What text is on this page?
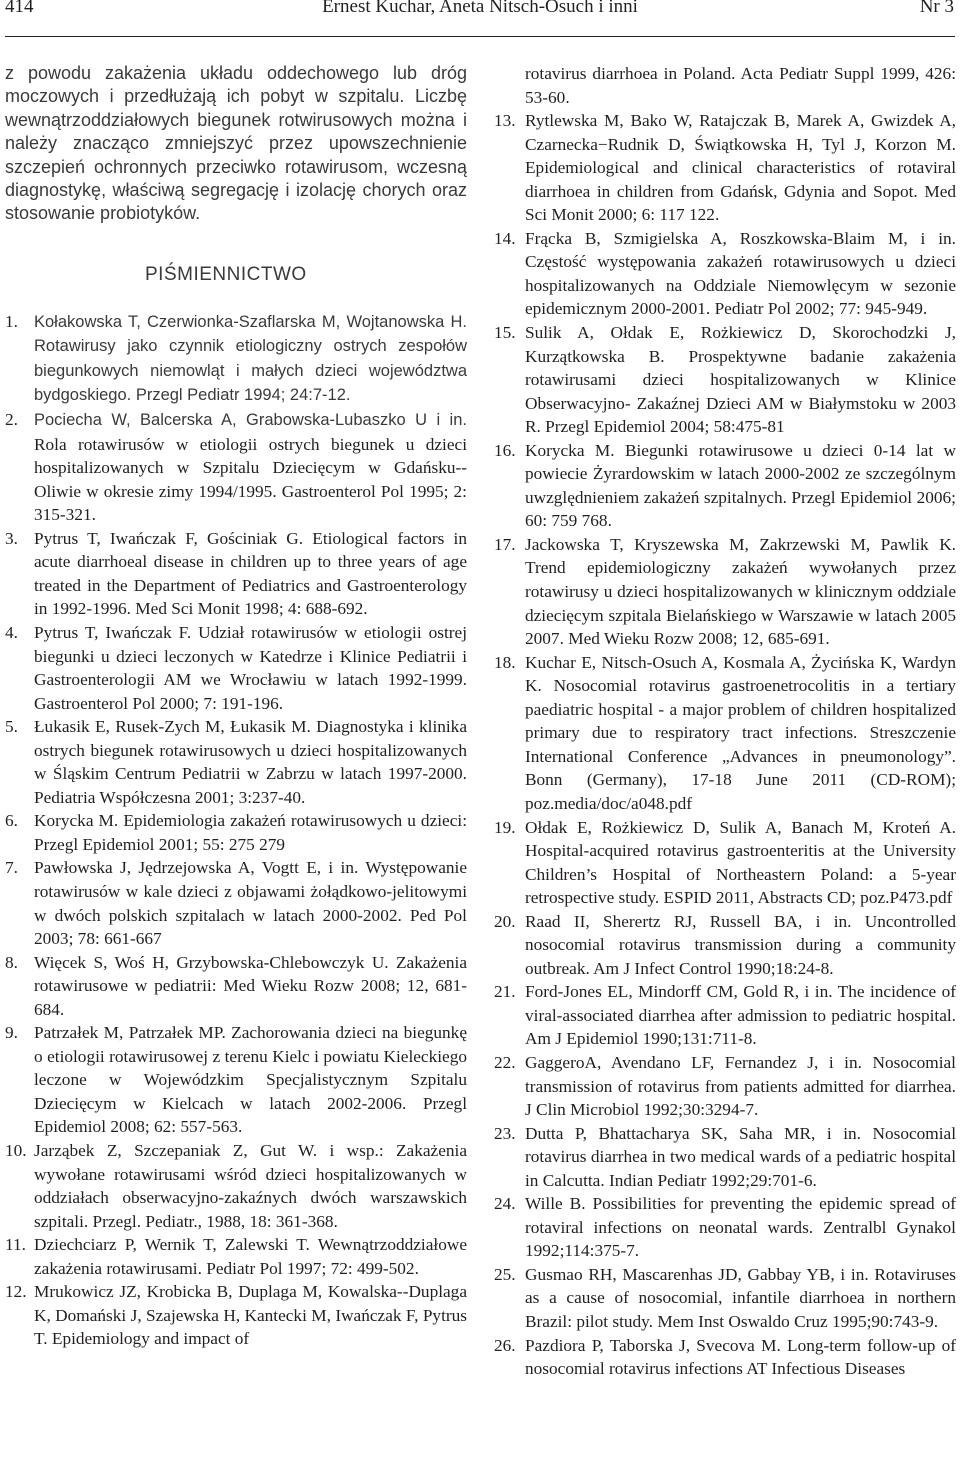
414	Ernest Kuchar, Aneta Nitsch-Osuch i inni	Nr 3

z powodu zakażenia układu oddechowego lub dróg moczowych i przedłużają ich pobyt w szpitalu. Liczbę wewnątrzoddziałowych biegunek rotwirusowych można i należy znacząco zmniejszyć przez upowszechnienie szczepień ochronnych przeciwko rotawirusom, wczesną diagnostykę, właściwą segregację i izolację chorych oraz stosowanie probiotyków.

PIŚMIENNICTWO
1. Kołakowska T, Czerwionka-Szaflarska M, Wojtanowska H. Rotawirusy jako czynnik etiologiczny ostrych zespołów biegunkowych niemowląt i małych dzieci województwa bydgoskiego. Przegl Pediatr 1994; 24:7-12.
2. Pociecha W, Balcerska A, Grabowska-Lubaszko U i in. Rola rotawirusów w etiologii ostrych biegunek u dzieci hospitalizowanych w Szpitalu Dziecięcym w Gdańsku--Oliwie w okresie zimy 1994/1995. Gastroenterol Pol 1995; 2: 315-321.
3. Pytrus T, Iwańczak F, Gościniak G. Etiological factors in acute diarrhoeal disease in children up to three years of age treated in the Department of Pediatrics and Gastroenterology in 1992-1996. Med Sci Monit 1998; 4: 688-692.
4. Pytrus T, Iwańczak F. Udział rotawirusów w etiologii ostrej biegunki u dzieci leczonych w Katedrze i Klinice Pediatrii i Gastroenterologii AM we Wrocławiu w latach 1992-1999. Gastroenterol Pol 2000; 7: 191-196.
5. Łukasik E, Rusek-Zych M, Łukasik M. Diagnostyka i klinika ostrych biegunek rotawirusowych u dzieci hospitalizowanych w Śląskim Centrum Pediatrii w Zabrzu w latach 1997-2000. Pediatria Współczesna 2001; 3:237-40.
6. Korycka M. Epidemiologia zakażeń rotawirusowych u dzieci: Przegl Epidemiol 2001; 55: 275 279
7. Pawłowska J, Jędrzejowska A, Vogtt E, i in. Występowanie rotawirusów w kale dzieci z objawami żołądkowo-jelitowymi w dwóch polskich szpitalach w latach 2000-2002. Ped Pol 2003; 78: 661-667
8. Więcek S, Woś H, Grzybowska-Chlebowczyk U. Zakażenia rotawirusowe w pediatrii: Med Wieku Rozw 2008; 12, 681-684.
9. Patrzałek M, Patrzałek MP. Zachorowania dzieci na biegunkę o etiologii rotawirusowej z terenu Kielc i powiatu Kieleckiego leczone w Wojewódzkim Specjalistycznym Szpitalu Dziecięcym w Kielcach w latach 2002-2006. Przegl Epidemiol 2008; 62: 557-563.
10. Jarząbek Z, Szczepaniak Z, Gut W. i wsp.: Zakażenia wywołane rotawirusami wśród dzieci hospitalizowanych w oddziałach obserwacyjno-zakaźnych dwóch warszawskich szpitali. Przegl. Pediatr., 1988, 18: 361-368.
11. Dziechciarz P, Wernik T, Zalewski T. Wewnątrzoddziałowe zakażenia rotawirusami. Pediatr Pol 1997; 72: 499-502.
12. Mrukowicz JZ, Krobicka B, Duplaga M, Kowalska--Duplaga K, Domański J, Szajewska H, Kantecki M, Iwańczak F, Pytrus T. Epidemiology and impact of
rotavirus diarrhoea in Poland. Acta Pediatr Suppl 1999, 426: 53-60.
13. Rytlewska M, Bako W, Ratajczak B, Marek A, Gwizdek A, Czarnecka−Rudnik D, Świątkowska H, Tyl J, Korzon M. Epidemiological and clinical characteristics of rotaviral diarrhoea in children from Gdańsk, Gdynia and Sopot. Med Sci Monit 2000; 6: 117 122.
14. Frącka B, Szmigielska A, Roszkowska-Blaim M, i in. Częstość występowania zakażeń rotawirusowych u dzieci hospitalizowanych na Oddziale Niemowlęcym w sezonie epidemicznym 2000-2001. Pediatr Pol 2002; 77: 945-949.
15. Sulik A, Ołdak E, Rożkiewicz D, Skorochodzki J, Kurzątkowska B. Prospektywne badanie zakażenia rotawirusami dzieci hospitalizowanych w Klinice Obserwacyjno- Zakaźnej Dzieci AM w Białymstoku w 2003 R. Przegl Epidemiol 2004; 58:475-81
16. Korycka M. Biegunki rotawirusowe u dzieci 0-14 lat w powiecie Żyrardowskim w latach 2000-2002 ze szczególnym uwzględnieniem zakażeń szpitalnych. Przegl Epidemiol 2006; 60: 759 768.
17. Jackowska T, Kryszewska M, Zakrzewski M, Pawlik K. Trend epidemiologiczny zakażeń wywołanych przez rotawirusy u dzieci hospitalizowanych w klinicznym oddziale dziecięcym szpitala Bielańskiego w Warszawie w latach 2005 2007. Med Wieku Rozw 2008; 12, 685-691.
18. Kuchar E, Nitsch-Osuch A, Kosmala A, Życińska K, Wardyn K. Nosocomial rotavirus gastroenetrocolitis in a tertiary paediatric hospital - a major problem of children hospitalized primary due to respiratory tract infections. Streszczenie International Conference „Advances in pneumonology”. Bonn (Germany), 17-18 June 2011 (CD-ROM); poz.media/doc/a048.pdf
19. Ołdak E, Rożkiewicz D, Sulik A, Banach M, Kroteń A. Hospital-acquired rotavirus gastroenteritis at the University Children’s Hospital of Northeastern Poland: a 5-year retrospective study. ESPID 2011, Abstracts CD; poz.P473.pdf
20. Raad II, Sherertz RJ, Russell BA, i in. Uncontrolled nosocomial rotavirus transmission during a community outbreak. Am J Infect Control 1990;18:24-8.
21. Ford-Jones EL, Mindorff CM, Gold R, i in. The incidence of viral-associated diarrhea after admission to pediatric hospital. Am J Epidemiol 1990;131:711-8.
22. GaggeroA, Avendano LF, Fernandez J, i in. Nosocomial transmission of rotavirus from patients admitted for diarrhea. J Clin Microbiol 1992;30:3294-7.
23. Dutta P, Bhattacharya SK, Saha MR, i in. Nosocomial rotavirus diarrhea in two medical wards of a pediatric hospital in Calcutta. Indian Pediatr 1992;29:701-6.
24. Wille B. Possibilities for preventing the epidemic spread of rotaviral infections on neonatal wards. Zentralbl Gynakol 1992;114:375-7.
25. Gusmao RH, Mascarenhas JD, Gabbay YB, i in. Rotaviruses as a cause of nosocomial, infantile diarrhoea in northern Brazil: pilot study. Mem Inst Oswaldo Cruz 1995;90:743-9.
26. Pazdiora P, Taborska J, Svecova M. Long-term follow-up of nosocomial rotavirus infections AT Infectious Diseases
